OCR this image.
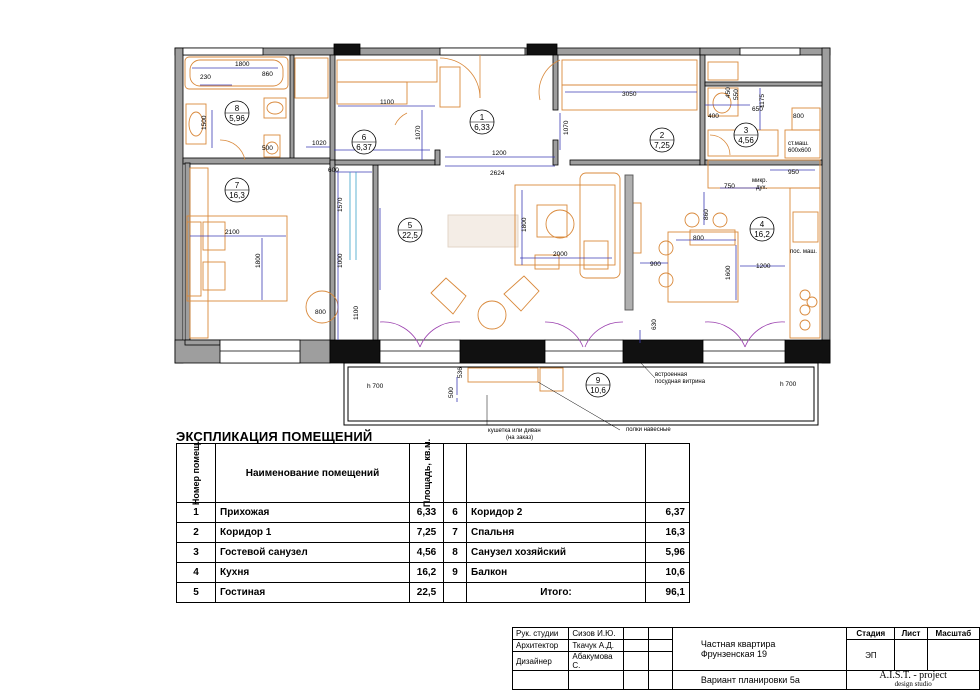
1
6,33
2
7,25
3
4,56
4
16,2
5
22,5
6
6,37
7
16,3
8
5,96
9
10,6
1800
230	860
1500
500
1100
1070
1020
1200
2624
1070
3050
400
450
650
1175
800
550
600
1570
2100
1800	1000
800	1100
1800
2000
750
950
860
800
1600	1200
900
630
536
500
h 700	h 700
ст.маш.
600x600
микр.
дух.
пос. маш.
встроенная
посудная витрина
кушетка или диван
(на заказ)
полки навесные
ЭКСПЛИКАЦИЯ ПОМЕЩЕНИЙ
Номер помещ.	Наименование помещений	Площадь, кв.м.			

1	Прихожая	6,33	6	Коридор 2	6,37
2	Коридор 1	7,25	7	Спальня	16,3
3	Гостевой санузел	4,56	8	Санузел хозяйский	5,96
4	Кухня	16,2	9	Балкон	10,6
5	Гостиная	22,5		Итого:	96,1
Рук. студии	Сизов И.Ю.			Частная квартира
Фрунзенская 19	Стадия	Лист	Масштаб
Архитектор	Ткачук А.Д.				ЭП		
Дизайнер	Абакумова С.						
				Вариант планировки 5а	A.I.S.T. - project
design studio		
